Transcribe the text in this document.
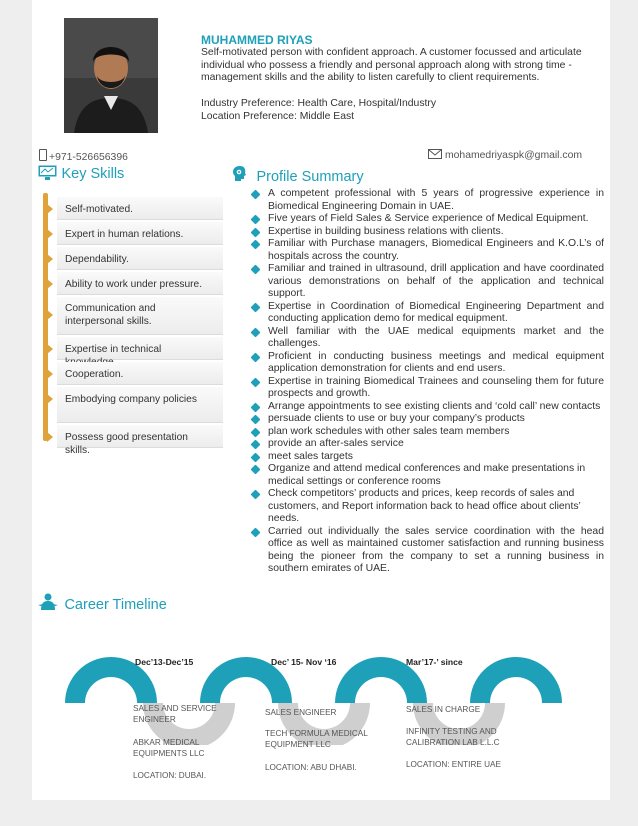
MUHAMMED RIYAS
Self-motivated person with confident approach. A customer focussed and articulate individual who possess a friendly and personal approach along with strong time - management skills and the ability to listen carefully to client requirements.
Industry Preference: Health Care, Hospital/Industry
Location Preference: Middle East
+971-526656396	mohamedriyaspk@gmail.com
Key Skills
Self-motivated.
Expert in human relations.
Dependability.
Ability to work under pressure.
Communication and interpersonal skills.
Expertise in technical
Cooperation.
Embodying company policies
Possess good presentation skills.
Profile Summary
A competent professional with 5 years of progressive experience in Biomedical Engineering Domain in UAE.
Five years of Field Sales & Service experience of Medical Equipment.
Expertise in building business relations with clients.
Familiar with Purchase managers, Biomedical Engineers and K.O.L’s of hospitals across the country.
Familiar and trained in ultrasound, drill application and have coordinated various demonstrations on behalf of the application and technical support.
Expertise in Coordination of Biomedical Engineering Department and conducting application demo for medical equipment.
Well familiar with the UAE medical equipments market and the challenges.
Proficient in conducting business meetings and medical equipment application demonstration for clients and end users.
Expertise in training Biomedical Trainees and counseling them for future prospects and growth.
Arrange appointments to see existing clients and ‘cold call’ new contacts
persuade clients to use or buy your company’s products
plan work schedules with other sales team members
provide an after-sales service
meet sales targets
Organize and attend medical conferences and make presentations in medical settings or conference rooms
Check competitors’ products and prices, keep records of sales and customers, and Report information back to head office about clients’ needs.
Carried out individually the sales service coordination with the head office as well as maintained customer satisfaction and running business being the pioneer from the company to set a running business in southern emirates of UAE.
Career Timeline
Dec’13-Dec’15
SALES AND SERVICE ENGINEER
ABKAR MEDICAL EQUIPMENTS LLC
LOCATION: DUBAI.
Dec’ 15- Nov ‘16
SALES ENGINEER
TECH FORMULA MEDICAL EQUIPMENT LLC
LOCATION: ABU DHABI.
Mar’17-’ since
SALES IN CHARGE
INFINITY TESTING AND CALIBRATION LAB L.L.C
LOCATION: ENTIRE UAE
